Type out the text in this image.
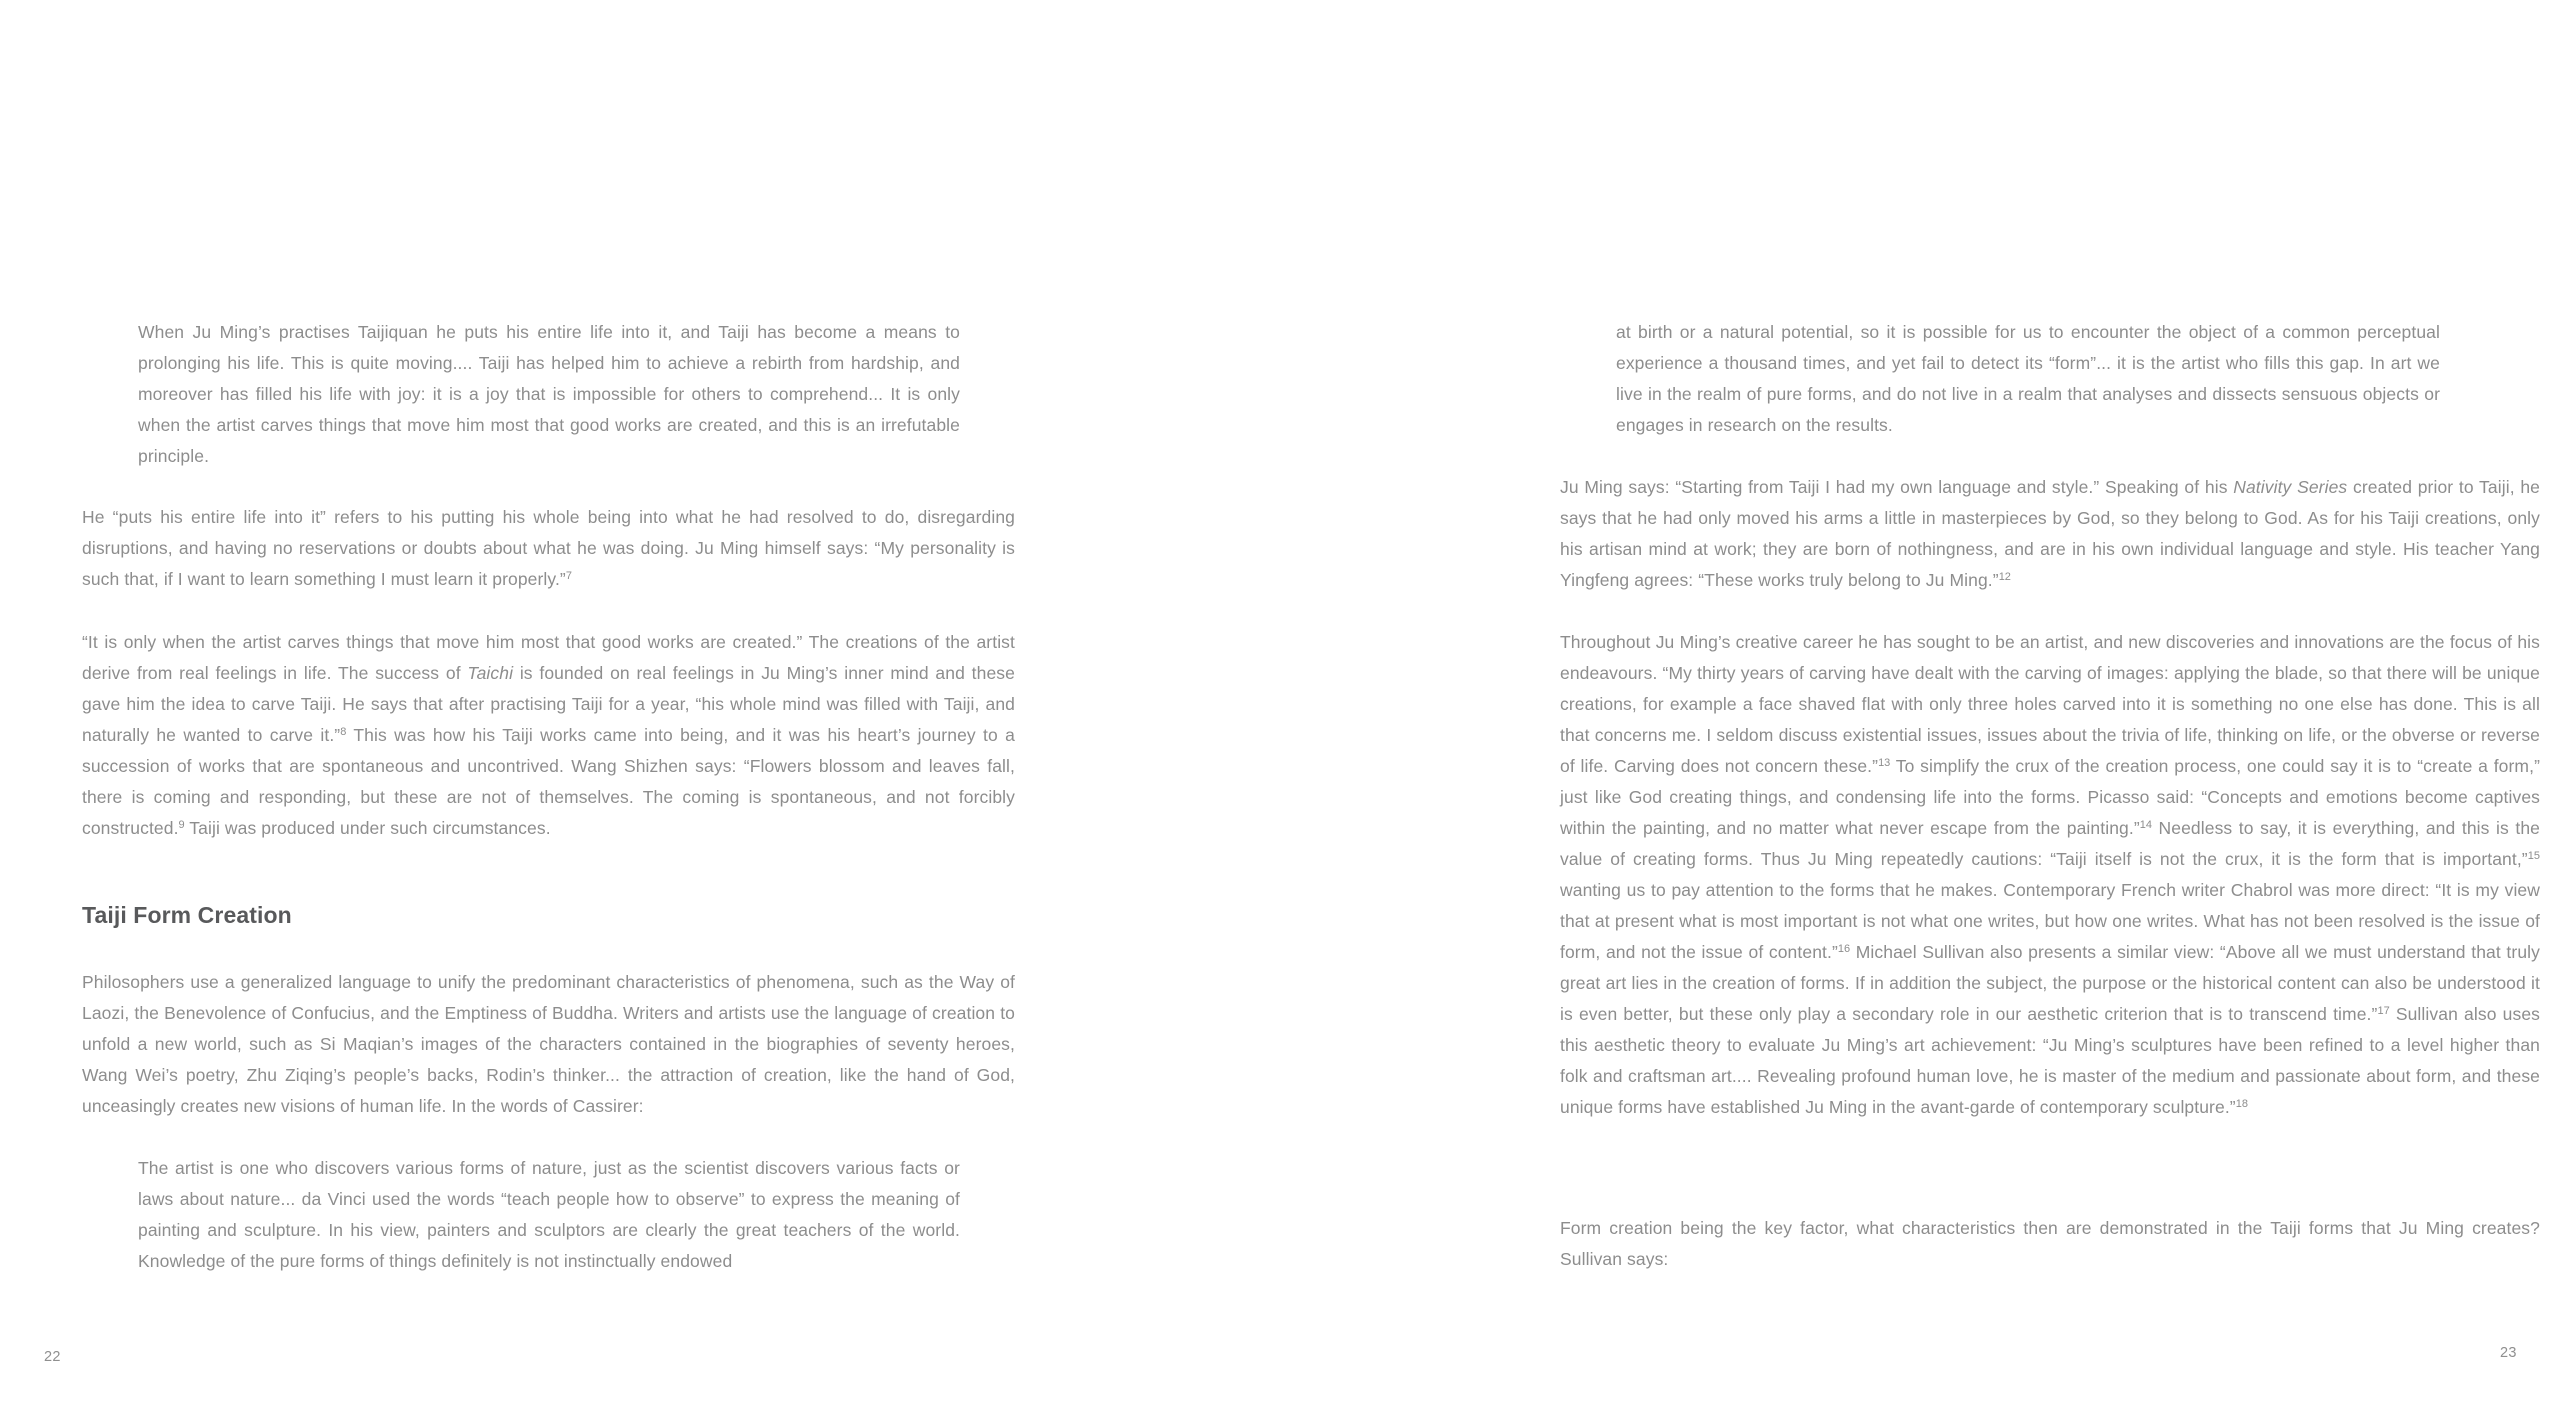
When Ju Ming’s practises Taijiquan he puts his entire life into it, and Taiji has become a means to prolonging his life. This is quite moving.... Taiji has helped him to achieve a rebirth from hardship, and moreover has filled his life with joy: it is a joy that is impossible for others to comprehend... It is only when the artist carves things that move him most that good works are created, and this is an irrefutable principle.

He “puts his entire life into it” refers to his putting his whole being into what he had resolved to do, disregarding disruptions, and having no reservations or doubts about what he was doing. Ju Ming himself says: “My personality is such that, if I want to learn something I must learn it properly.”$^7$

“It is only when the artist carves things that move him most that good works are created.” The creations of the artist derive from real feelings in life. The success of Taichi is founded on real feelings in Ju Ming’s inner mind and these gave him the idea to carve Taiji. He says that after practising Taiji for a year, “his whole mind was filled with Taiji, and naturally he wanted to carve it.”$^8$ This was how his Taiji works came into being, and it was his heart’s journey to a succession of works that are spontaneous and uncontrived. Wang Shizhen says: “Flowers blossom and leaves fall, there is coming and responding, but these are not of themselves. The coming is spontaneous, and not forcibly constructed.$^9$ Taiji was produced under such circumstances.

Taiji Form Creation

Philosophers use a generalized language to unify the predominant characteristics of phenomena, such as the Way of Laozi, the Benevolence of Confucius, and the Emptiness of Buddha. Writers and artists use the language of creation to unfold a new world, such as Si Maqian’s images of the characters contained in the biographies of seventy heroes, Wang Wei’s poetry, Zhu Ziqing’s people’s backs, Rodin’s thinker... the attraction of creation, like the hand of God, unceasingly creates new visions of human life. In the words of Cassirer:

The artist is one who discovers various forms of nature, just as the scientist discovers various facts or laws about nature... da Vinci used the words “teach people how to observe” to express the meaning of painting and sculpture. In his view, painters and sculptors are clearly the great teachers of the world. Knowledge of the pure forms of things definitely is not instinctually endowed

22

at birth or a natural potential, so it is possible for us to encounter the object of a common perceptual experience a thousand times, and yet fail to detect its “form”... it is the artist who fills this gap. In art we live in the realm of pure forms, and do not live in a realm that analyses and dissects sensuous objects or engages in research on the results.

Ju Ming says: “Starting from Taiji I had my own language and style.” Speaking of his Nativity Series created prior to Taiji, he says that he had only moved his arms a little in masterpieces by God, so they belong to God. As for his Taiji creations, only his artisan mind at work; they are born of nothingness, and are in his own individual language and style. His teacher Yang Yingfeng agrees: “These works truly belong to Ju Ming.”$^{12}$

Throughout Ju Ming’s creative career he has sought to be an artist, and new discoveries and innovations are the focus of his endeavours. “My thirty years of carving have dealt with the carving of images: applying the blade, so that there will be unique creations, for example a face shaved flat with only three holes carved into it is something no one else has done. This is all that concerns me. I seldom discuss existential issues, issues about the trivia of life, thinking on life, or the obverse or reverse of life. Carving does not concern these.”$^{13}$ To simplify the crux of the creation process, one could say it is to “create a form,” just like God creating things, and condensing life into the forms. Picasso said: “Concepts and emotions become captives within the painting, and no matter what never escape from the painting.”$^{14}$ Needless to say, it is everything, and this is the value of creating forms. Thus Ju Ming repeatedly cautions: “Taiji itself is not the crux, it is the form that is important,”$^{15}$ wanting us to pay attention to the forms that he makes. Contemporary French writer Chabrol was more direct: “It is my view that at present what is most important is not what one writes, but how one writes. What has not been resolved is the issue of form, and not the issue of content.”$^{16}$ Michael Sullivan also presents a similar view: “Above all we must understand that truly great art lies in the creation of forms. If in addition the subject, the purpose or the historical content can also be understood it is even better, but these only play a secondary role in our aesthetic criterion that is to transcend time.”$^{17}$ Sullivan also uses this aesthetic theory to evaluate Ju Ming’s art achievement: “Ju Ming’s sculptures have been refined to a level higher than folk and craftsman art.... Revealing profound human love, he is master of the medium and passionate about form, and these unique forms have established Ju Ming in the avant-garde of contemporary sculpture.”$^{18}$

Form creation being the key factor, what characteristics then are demonstrated in the Taiji forms that Ju Ming creates? Sullivan says:

23
